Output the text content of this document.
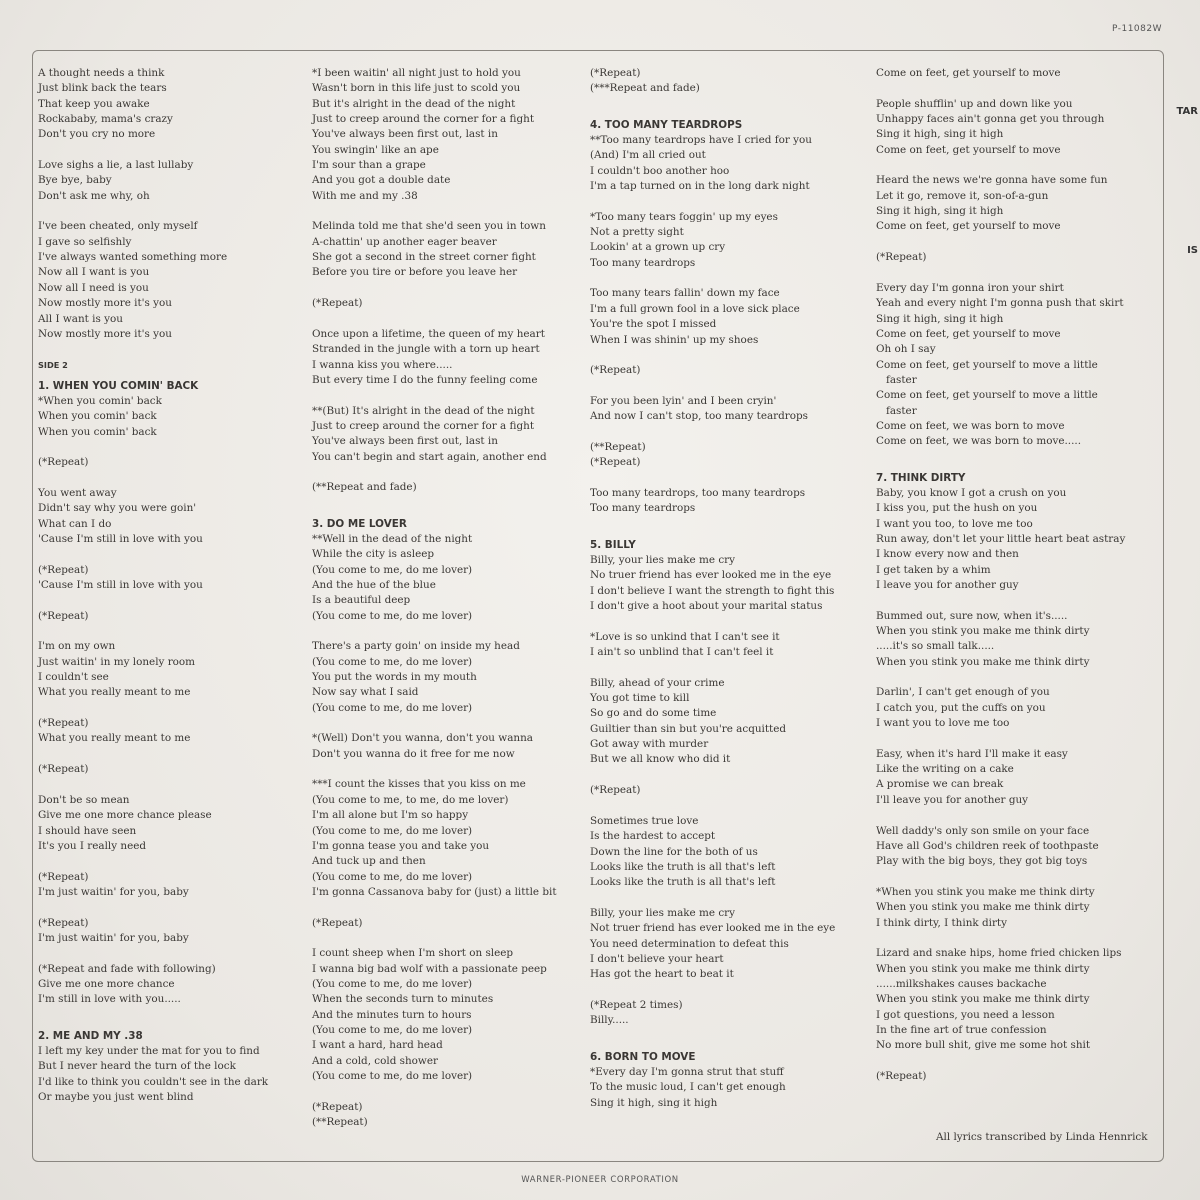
P-11082W
TAR
IS
A thought needs a think
Just blink back the tears
That keep you awake
Rockababy, mama's crazy
Don't you cry no more
Love sighs a lie, a last lullaby
Bye bye, baby
Don't ask me why, oh
I've been cheated, only myself
I gave so selfishly
I've always wanted something more
Now all I want is you
Now all I need is you
Now mostly more it's you
All I want is you
Now mostly more it's you
SIDE 2
1. WHEN YOU COMIN' BACK
*When you comin' back
When you comin' back
When you comin' back
(*Repeat)
You went away
Didn't say why you were goin'
What can I do
'Cause I'm still in love with you
(*Repeat)
'Cause I'm still in love with you
(*Repeat)
I'm on my own
Just waitin' in my lonely room
I couldn't see
What you really meant to me
(*Repeat)
What you really meant to me
(*Repeat)
Don't be so mean
Give me one more chance please
I should have seen
It's you I really need
(*Repeat)
I'm just waitin' for you, baby
(*Repeat)
I'm just waitin' for you, baby
(*Repeat and fade with following)
Give me one more chance
I'm still in love with you.....
2. ME AND MY .38
I left my key under the mat for you to find
But I never heard the turn of the lock
I'd like to think you couldn't see in the dark
Or maybe you just went blind
*I been waitin' all night just to hold you
Wasn't born in this life just to scold you
But it's alright in the dead of the night
Just to creep around the corner for a fight
You've always been first out, last in
You swingin' like an ape
I'm sour than a grape
And you got a double date
With me and my .38
Melinda told me that she'd seen you in town
A-chattin' up another eager beaver
She got a second in the street corner fight
Before you tire or before you leave her
(*Repeat)
Once upon a lifetime, the queen of my heart
Stranded in the jungle with a torn up heart
I wanna kiss you where.....
But every time I do the funny feeling come
**(But) It's alright in the dead of the night
Just to creep around the corner for a fight
You've always been first out, last in
You can't begin and start again, another end
(**Repeat and fade)
3. DO ME LOVER
**Well in the dead of the night
While the city is asleep
(You come to me, do me lover)
And the hue of the blue
Is a beautiful deep
(You come to me, do me lover)
There's a party goin' on inside my head
(You come to me, do me lover)
You put the words in my mouth
Now say what I said
(You come to me, do me lover)
*(Well) Don't you wanna, don't you wanna
Don't you wanna do it free for me now
***I count the kisses that you kiss on me
(You come to me, to me, do me lover)
I'm all alone but I'm so happy
(You come to me, do me lover)
I'm gonna tease you and take you
And tuck up and then
(You come to me, do me lover)
I'm gonna Cassanova baby for (just) a little bit
(*Repeat)
I count sheep when I'm short on sleep
I wanna big bad wolf with a passionate peep
(You come to me, do me lover)
When the seconds turn to minutes
And the minutes turn to hours
(You come to me, do me lover)
I want a hard, hard head
And a cold, cold shower
(You come to me, do me lover)
(*Repeat)
(**Repeat)
(*Repeat)
(***Repeat and fade)
4. TOO MANY TEARDROPS
**Too many teardrops have I cried for you
(And) I'm all cried out
I couldn't boo another hoo
I'm a tap turned on in the long dark night
*Too many tears foggin' up my eyes
Not a pretty sight
Lookin' at a grown up cry
Too many teardrops
Too many tears fallin' down my face
I'm a full grown fool in a love sick place
You're the spot I missed
When I was shinin' up my shoes
(*Repeat)
For you been lyin' and I been cryin'
And now I can't stop, too many teardrops
(**Repeat)
(*Repeat)
Too many teardrops, too many teardrops
Too many teardrops
5. BILLY
Billy, your lies make me cry
No truer friend has ever looked me in the eye
I don't believe I want the strength to fight this
I don't give a hoot about your marital status
*Love is so unkind that I can't see it
I ain't so unblind that I can't feel it
Billy, ahead of your crime
You got time to kill
So go and do some time
Guiltier than sin but you're acquitted
Got away with murder
But we all know who did it
(*Repeat)
Sometimes true love
Is the hardest to accept
Down the line for the both of us
Looks like the truth is all that's left
Looks like the truth is all that's left
Billy, your lies make me cry
Not truer friend has ever looked me in the eye
You need determination to defeat this
I don't believe your heart
Has got the heart to beat it
(*Repeat 2 times)
Billy.....
6. BORN TO MOVE
*Every day I'm gonna strut that stuff
To the music loud, I can't get enough
Sing it high, sing it high
Come on feet, get yourself to move
People shufflin' up and down like you
Unhappy faces ain't gonna get you through
Sing it high, sing it high
Come on feet, get yourself to move
Heard the news we're gonna have some fun
Let it go, remove it, son-of-a-gun
Sing it high, sing it high
Come on feet, get yourself to move
(*Repeat)
Every day I'm gonna iron your shirt
Yeah and every night I'm gonna push that skirt
Sing it high, sing it high
Come on feet, get yourself to move
Oh oh I say
Come on feet, get yourself to move a little
faster
Come on feet, get yourself to move a little
faster
Come on feet, we was born to move
Come on feet, we was born to move.....
7. THINK DIRTY
Baby, you know I got a crush on you
I kiss you, put the hush on you
I want you too, to love me too
Run away, don't let your little heart beat astray
I know every now and then
I get taken by a whim
I leave you for another guy
Bummed out, sure now, when it's.....
When you stink you make me think dirty
.....it's so small talk.....
When you stink you make me think dirty
Darlin', I can't get enough of you
I catch you, put the cuffs on you
I want you to love me too
Easy, when it's hard I'll make it easy
Like the writing on a cake
A promise we can break
I'll leave you for another guy
Well daddy's only son smile on your face
Have all God's children reek of toothpaste
Play with the big boys, they got big toys
*When you stink you make me think dirty
When you stink you make me think dirty
I think dirty, I think dirty
Lizard and snake hips, home fried chicken lips
When you stink you make me think dirty
......milkshakes causes backache
When you stink you make me think dirty
I got questions, you need a lesson
In the fine art of true confession
No more bull shit, give me some hot shit
(*Repeat)
All lyrics transcribed by Linda Hennrick
WARNER-PIONEER CORPORATION
